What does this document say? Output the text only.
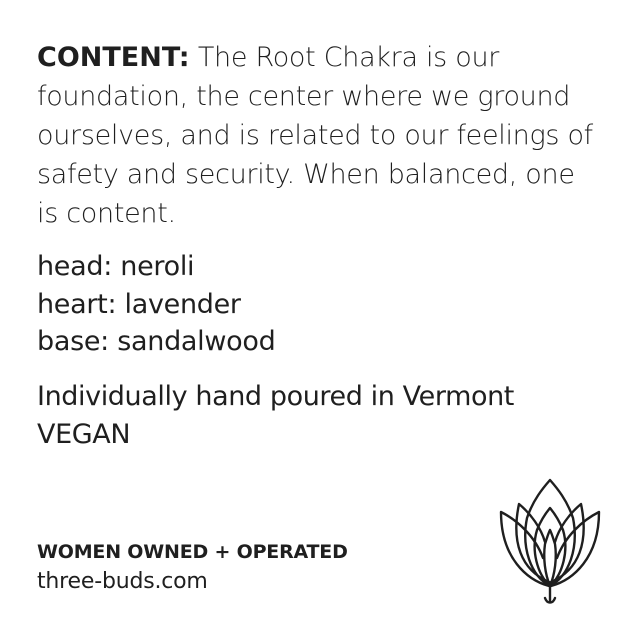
CONTENT: The Root Chakra is our foundation, the center where we ground ourselves, and is related to our feelings of safety and security. When balanced, one is content.
head: neroli
heart: lavender
base: sandalwood
Individually hand poured in Vermont
VEGAN
WOMEN OWNED + OPERATED
three-buds.com
